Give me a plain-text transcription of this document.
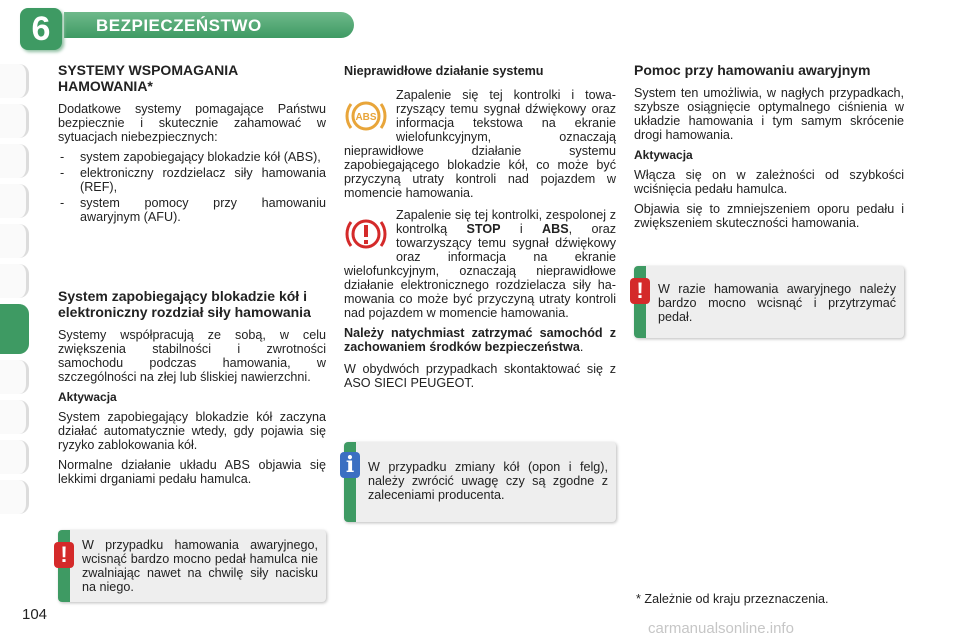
6	BEZPIECZEŃSTWO
SYSTEMY WSPOMAGANIA HAMOWANIA*

Dodatkowe systemy pomagające Państwu bezpiecznie i skutecznie zahamować w sytuacjach niebezpiecznych:

- system zapobiegający blokadzie kół (ABS),
- elektroniczny rozdzielacz siły hamowania (REF),
- system pomocy przy hamowaniu awaryjnym (AFU).
System zapobiegający blokadzie kół i elektroniczny rozdział siły hamowania

Systemy współpracują ze sobą, w celu zwiększenia stabilności i zwrotności samochodu podczas hamowania, w szczególności na złej lub śliskiej nawierzchni.

Aktywacja

System zapobiegający blokadzie kół zaczyna działać automatycznie wtedy, gdy pojawia się ryzyko zablokowania kół.

Normalne działanie układu ABS objawia się lekkimi drganiami pedału hamulca.

!	W przypadku hamowania awaryjnego, wcisnąć bardzo mocno pedał hamulca nie zwalniając nawet na chwilę siły nacisku na niego.
Nieprawidłowe działanie systemu
ABS

Zapalenie się tej kontrolki i towarzyszący temu sygnał dźwiękowy oraz informacja tekstowa na ekranie wielofunkcyjnym, oznaczają nieprawidłowe działanie systemu zapobiegającego blokadzie kół, co może być przyczyną utraty kontroli nad pojazdem w momencie hamowania.

Zapalenie się tej kontrolki, zespolonej z kontrolką STOP i ABS, oraz towarzyszący temu sygnał dźwiękowy oraz informacja na ekranie wielofunkcyjnym, oznaczają nieprawidłowe działanie elektronicznego rozdzielacza siły hamowania co może być przyczyną utraty kontroli nad pojazdem w momencie hamowania.

Należy natychmiast zatrzymać samochód z zachowaniem środków bezpieczeństwa.

W obydwóch przypadkach skontaktować się z ASO SIECI PEUGEOT.

i	W przypadku zmiany kół (opon i felg), należy zwrócić uwagę czy są zgodne z zaleceniami producenta.
Pomoc przy hamowaniu awaryjnym

System ten umożliwia, w nagłych przypadkach, szybsze osiągnięcie optymalnego ciśnienia w układzie hamowania i tym samym skrócenie drogi hamowania.

Aktywacja

Włącza się on w zależności od szybkości wciśnięcia pedału hamulca.

Objawia się to zmniejszeniem oporu pedału i zwiększeniem skuteczności hamowania.

!	W razie hamowania awaryjnego należy bardzo mocno wcisnąć i przytrzymać pedał.
* Zależnie od kraju przeznaczenia.
104
carmanualsonline.info
